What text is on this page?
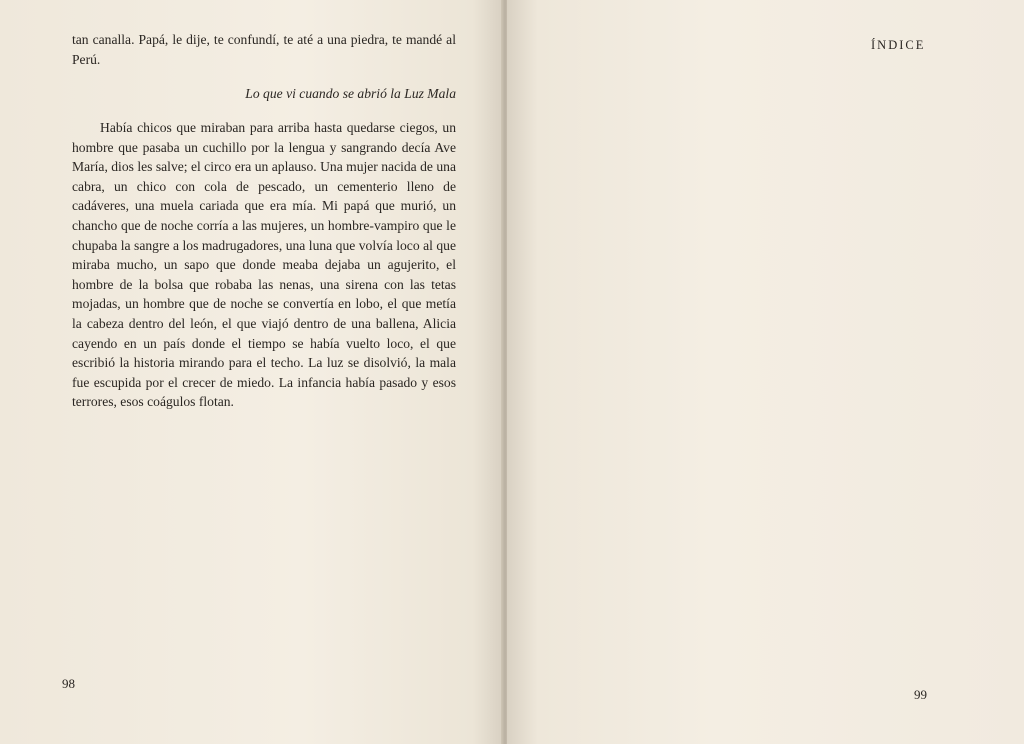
tan canalla. Papá, le dije, te confundí, te até a una piedra, te mandé al Perú.
Lo que vi cuando se abrió la Luz Mala
Había chicos que miraban para arriba hasta quedarse ciegos, un hombre que pasaba un cuchillo por la lengua y sangrando decía Ave María, dios les salve; el circo era un aplauso. Una mujer nacida de una cabra, un chico con cola de pescado, un cementerio lleno de cadáveres, una muela cariada que era mía. Mi papá que murió, un chancho que de noche corría a las mujeres, un hombre-vampiro que le chupaba la sangre a los madrugadores, una luna que volvía loco al que miraba mucho, un sapo que donde meaba dejaba un agujerito, el hombre de la bolsa que robaba las nenas, una sirena con las tetas mojadas, un hombre que de noche se convertía en lobo, el que metía la cabeza dentro del león, el que viajó dentro de una ballena, Alicia cayendo en un país donde el tiempo se había vuelto loco, el que escribió la historia mirando para el techo. La luz se disolvió, la mala fue escupida por el crecer de miedo. La infancia había pasado y esos terrores, esos coágulos flotan.
98
ÍNDICE
99
